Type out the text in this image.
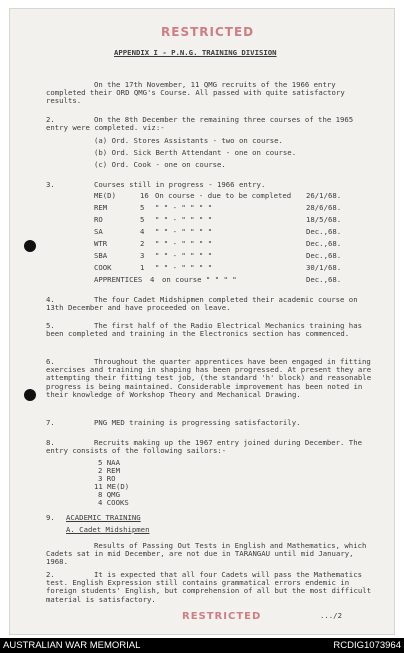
RESTRICTED
APPENDIX I - P.N.G. TRAINING DIVISION
On the 17th November, 11 QMG recruits of the 1966 entry completed their ORD QMG's Course. All passed with quite satisfactory results.
2.	On the 8th December the remaining three courses of the 1965 entry were completed. viz:-
(a) Ord. Stores Assistants - two on course.
(b) Ord. Sick Berth Attendant - one on course.
(c) Ord. Cook - one on course.
3.	Courses still in progress - 1966 entry.
ME(D)	16 On course - due to be completed 26/1/68.
REM	5 " " - " " " "	28/6/68.
RO	5 " " - " " " "	18/5/68.
SA	4 " " - " " " "	Dec.,68.
WTR	2 " " - " " " "	Dec.,68.
SBA	3 " " - " " " "	Dec.,68.
COOK	1 " " - " " " "	30/1/68.
APPRENTICES 4 on course " " " "	Dec.,68.
4.	The four Cadet Midshipmen completed their academic course on 13th December and have proceeded on leave.
5.	The first half of the Radio Electrical Mechanics training has been completed and training in the Electronics section has commenced.
6.	Throughout the quarter apprentices have been engaged in fitting exercises and training in shaping has been progressed. At present they are attempting their fitting test job, (the standard 'h' block) and reasonable progress is being maintained. Considerable improvement has been noted in their knowledge of Workshop Theory and Mechanical Drawing.
7.	PNG MED training is progressing satisfactorily.
8.	Recruits making up the 1967 entry joined during December. The entry consists of the following sailors:-
5 NAA
2 REM
3 RO
11 ME(D)
8 QMG
4 COOKS
9. ACADEMIC TRAINING
A. Cadet Midshipmen
Results of Passing Out Tests in English and Mathematics, which Cadets sat in mid December, are not due in TARANGAU until mid January, 1968.
2.	It is expected that all four Cadets will pass the Mathematics test. English Expression still contains grammatical errors endemic in foreign students' English, but comprehension of all but the most difficult material is satisfactory.
RESTRICTED	.../2
AUSTRALIAN WAR MEMORIAL	RCDIG1073964
